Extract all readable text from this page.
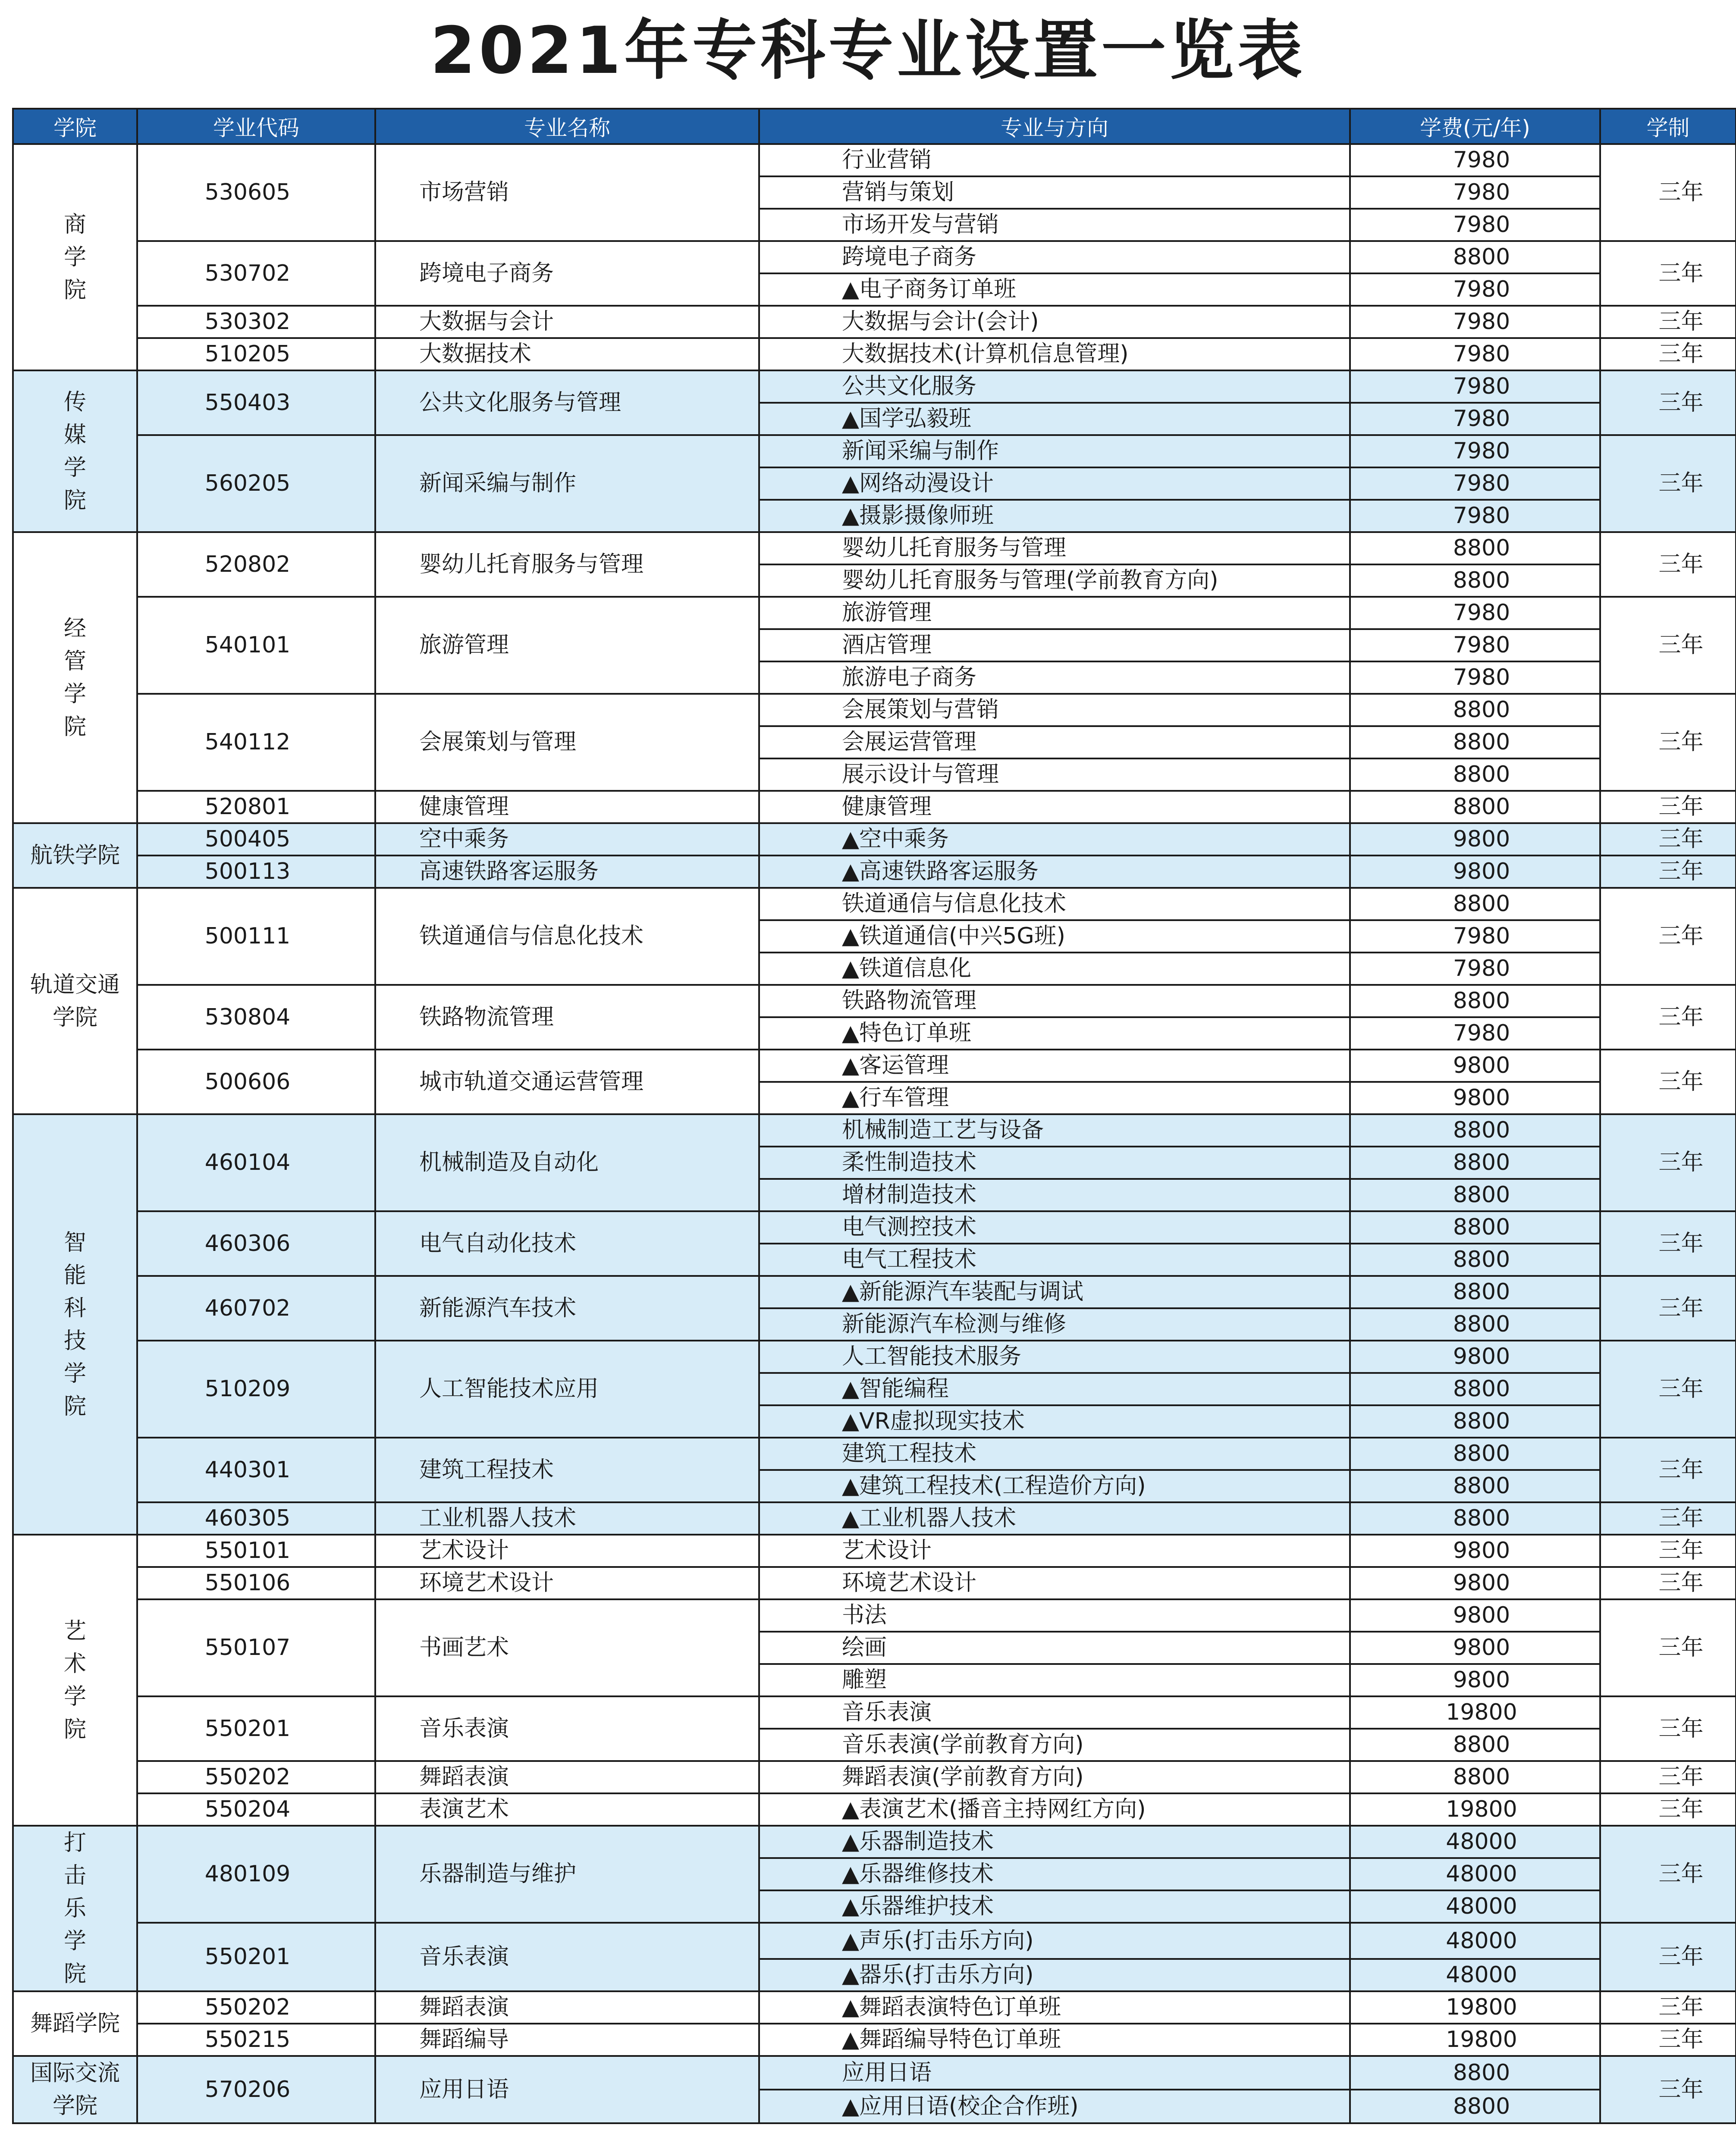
2021年专科专业设置一览表
学院	学业代码	专业名称	专业与方向	学费(元/年)	学制
商学院	530605	市场营销	行业营销	7980	三年
			营销与策划	7980	
			市场开发与营销	7980	
	530702	跨境电子商务	跨境电子商务	8800	三年
			▲电子商务订单班	7980	
	530302	大数据与会计	大数据与会计(会计)	7980	三年
	510205	大数据技术	大数据技术(计算机信息管理)	7980	三年
传媒学院	550403	公共文化服务与管理	公共文化服务	7980	三年
			▲国学弘毅班	7980	
	560205	新闻采编与制作	新闻采编与制作	7980	三年
			▲网络动漫设计	7980	
			▲摄影摄像师班	7980	
经管学院	520802	婴幼儿托育服务与管理	婴幼儿托育服务与管理	8800	三年
			婴幼儿托育服务与管理(学前教育方向)	8800	
	540101	旅游管理	旅游管理	7980	三年
			酒店管理	7980	
			旅游电子商务	7980	
	540112	会展策划与管理	会展策划与营销	8800	三年
			会展运营管理	8800	
			展示设计与管理	8800	
	520801	健康管理	健康管理	8800	三年
航铁学院	500405	空中乘务	▲空中乘务	9800	三年
	500113	高速铁路客运服务	▲高速铁路客运服务	9800	三年
轨道交通学院	500111	铁道通信与信息化技术	铁道通信与信息化技术	8800	三年
			▲铁道通信(中兴5G班)	7980	
			▲铁道信息化	7980	
	530804	铁路物流管理	铁路物流管理	8800	三年
			▲特色订单班	7980	
	500606	城市轨道交通运营管理	▲客运管理	9800	三年
			▲行车管理	9800	
智能科技学院	460104	机械制造及自动化	机械制造工艺与设备	8800	三年
			柔性制造技术	8800	
			增材制造技术	8800	
	460306	电气自动化技术	电气测控技术	8800	三年
			电气工程技术	8800	
	460702	新能源汽车技术	▲新能源汽车装配与调试	8800	三年
			新能源汽车检测与维修	8800	
	510209	人工智能技术应用	人工智能技术服务	9800	三年
			▲智能编程	8800	
			▲VR虚拟现实技术	8800	
	440301	建筑工程技术	建筑工程技术	8800	三年
			▲建筑工程技术(工程造价方向)	8800	
	460305	工业机器人技术	▲工业机器人技术	8800	三年
艺术学院	550101	艺术设计	艺术设计	9800	三年
	550106	环境艺术设计	环境艺术设计	9800	三年
	550107	书画艺术	书法	9800	三年
			绘画	9800	
			雕塑	9800	
	550201	音乐表演	音乐表演	19800	三年
			音乐表演(学前教育方向)	8800	
	550202	舞蹈表演	舞蹈表演(学前教育方向)	8800	三年
	550204	表演艺术	▲表演艺术(播音主持网红方向)	19800	三年
打击乐学院	480109	乐器制造与维护	▲乐器制造技术	48000	三年
			▲乐器维修技术	48000	
			▲乐器维护技术	48000	
	550201	音乐表演	▲声乐(打击乐方向)	48000	三年
			▲器乐(打击乐方向)	48000	
舞蹈学院	550202	舞蹈表演	▲舞蹈表演特色订单班	19800	三年
	550215	舞蹈编导	▲舞蹈编导特色订单班	19800	三年
国际交流学院	570206	应用日语	应用日语	8800	三年
			▲应用日语(校企合作班)	8800	
